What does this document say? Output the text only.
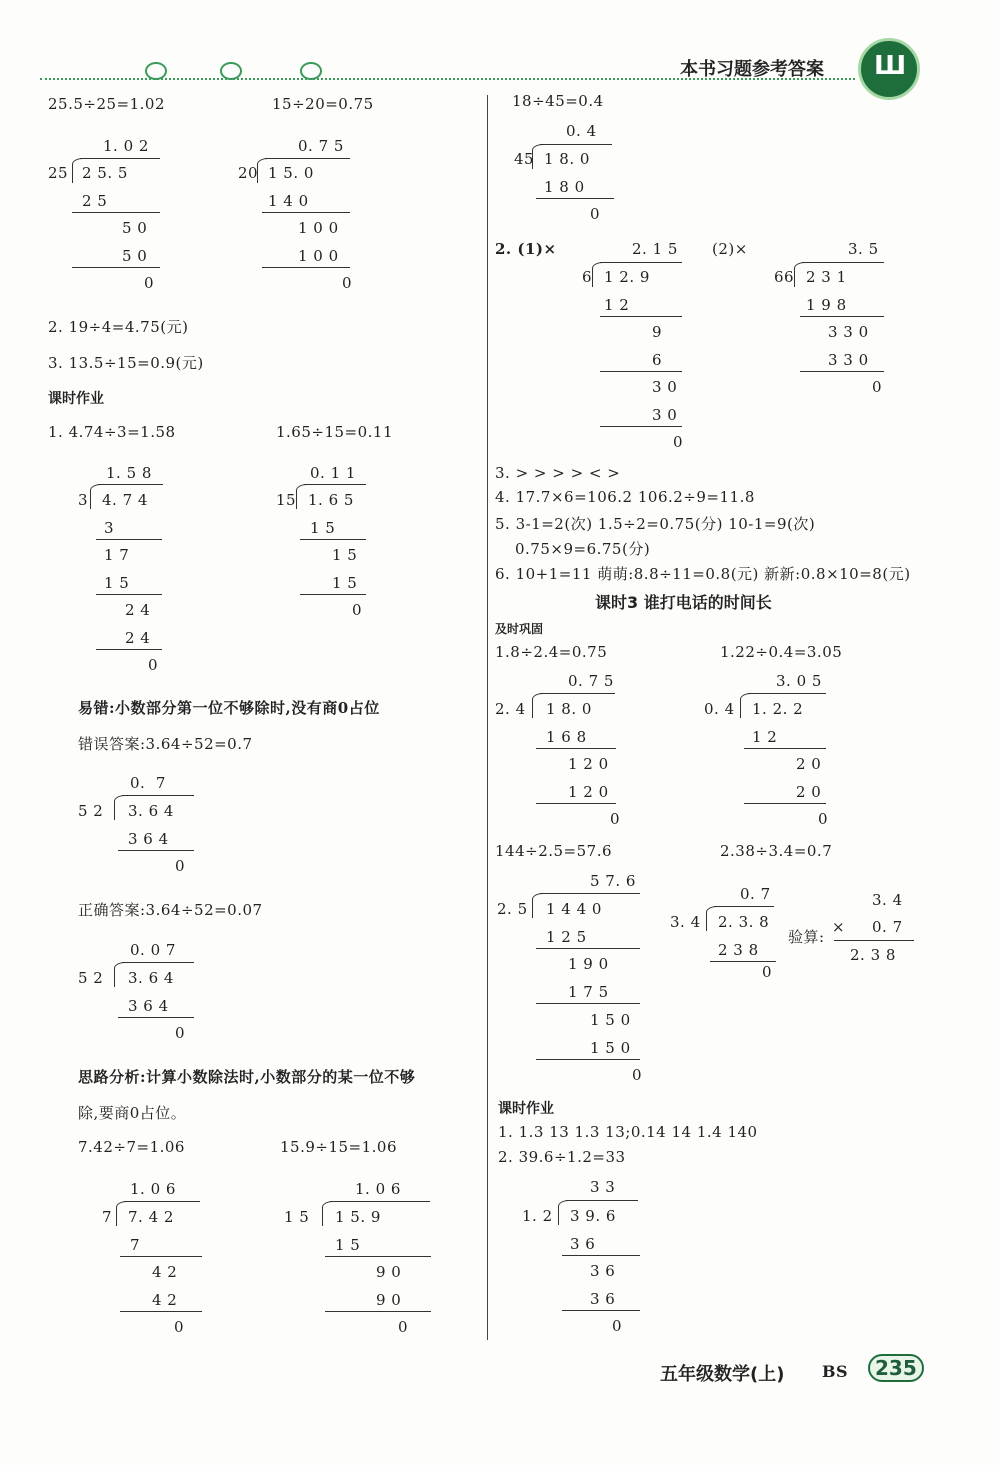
本书习题参考答案 Ш
25.5÷25=1.02	15÷20=0.75
1. 0 2
25 2 5. 5
2 5
5 0
5 0
0
0. 7 5
20 1 5. 0
1 4 0
1 0 0
1 0 0
0
2. 19÷4=4.75(元)
3. 13.5÷15=0.9(元)
课时作业
1. 4.74÷3=1.58	1.65÷15=0.11
1. 5 8
3 4. 7 4
3
1 7
1 5
2 4
2 4
0
0. 1 1
15 1. 6 5
1 5
1 5
1 5
0
易错:小数部分第一位不够除时,没有商0占位
错误答案:3.64÷52=0.7
0.  7
5 2 3. 6 4
3 6 4
0
正确答案:3.64÷52=0.07
0. 0 7
5 2 3. 6 4
3 6 4
0
思路分析:计算小数除法时,小数部分的某一位不够
除,要商0占位。
7.42÷7=1.06	15.9÷15=1.06
1. 0 6
7 7. 4 2
7
4 2
4 2
0
1. 0 6
1 5 1 5. 9
1 5
9 0
9 0
0
18÷45=0.4
0. 4
45 1 8. 0
1 8 0
0
2. (1)×	(2)×
2. 1 5
6 1 2. 9
1 2
9
6
3 0
3 0
0
3. 5
66 2 3 1
1 9 8
3 3 0
3 3 0
0
3. > > > > < >
4. 17.7×6=106.2 106.2÷9=11.8
5. 3-1=2(次) 1.5÷2=0.75(分) 10-1=9(次)
0.75×9=6.75(分)
6. 10+1=11 萌萌:8.8÷11=0.8(元) 新新:0.8×10=8(元)
课时3 谁打电话的时间长
及时巩固
1.8÷2.4=0.75	1.22÷0.4=3.05
0. 7 5
2. 4 1 8. 0
1 6 8
1 2 0
1 2 0
0
3. 0 5
0. 4 1. 2. 2
1 2
2 0
2 0
0
144÷2.5=57.6	2.38÷3.4=0.7
5 7. 6
2. 5 1 4 4 0
1 2 5
1 9 0
1 7 5
1 5 0
1 5 0
0
0. 7
3. 4 2. 3. 8
2 3 8
0
验算:
3. 4
× 0. 7
2. 3 8
课时作业
1. 1.3 13 1.3 13;0.14 14 1.4 140
2. 39.6÷1.2=33
3 3
1. 2 3 9. 6
3 6
3 6
3 6
0
五年级数学(上) BS	235
